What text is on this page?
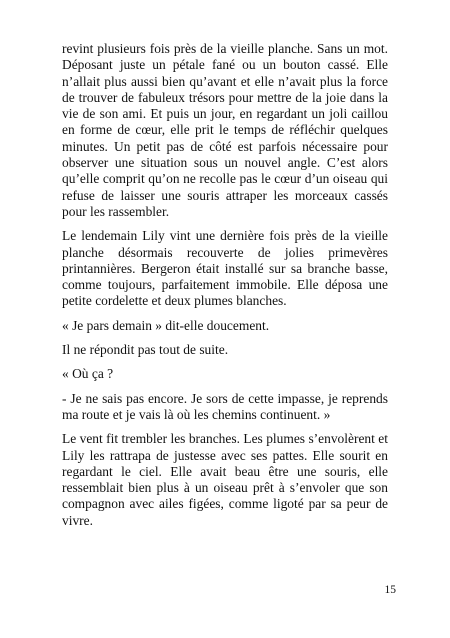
revint plusieurs fois près de la vieille planche. Sans un mot. Déposant juste un pétale fané ou un bouton cassé. Elle n’allait plus aussi bien qu’avant et elle n’avait plus la force de trouver de fabuleux trésors pour mettre de la joie dans la vie de son ami. Et puis un jour, en regardant un joli caillou en forme de cœur, elle prit le temps de réfléchir quelques minutes. Un petit pas de côté est parfois nécessaire pour observer une situation sous un nouvel angle. C’est alors qu’elle comprit qu’on ne recolle pas le cœur d’un oiseau qui refuse de laisser une souris attraper les morceaux cassés pour les rassembler.

Le lendemain Lily vint une dernière fois près de la vieille planche désormais recouverte de jolies primevères printannières. Bergeron était installé sur sa branche basse, comme toujours, parfaitement immobile. Elle déposa une petite cordelette et deux plumes blanches.

« Je pars demain » dit-elle doucement.

Il ne répondit pas tout de suite.

« Où ça ?

- Je ne sais pas encore. Je sors de cette impasse, je reprends ma route et je vais là où les chemins continuent. »

Le vent fit trembler les branches. Les plumes s’envolèrent et Lily les rattrapa de justesse avec ses pattes. Elle sourit en regardant le ciel. Elle avait beau être une souris, elle ressemblait bien plus à un oiseau prêt à s’envoler que son compagnon avec ailes figées, comme ligoté par sa peur de vivre.

15
